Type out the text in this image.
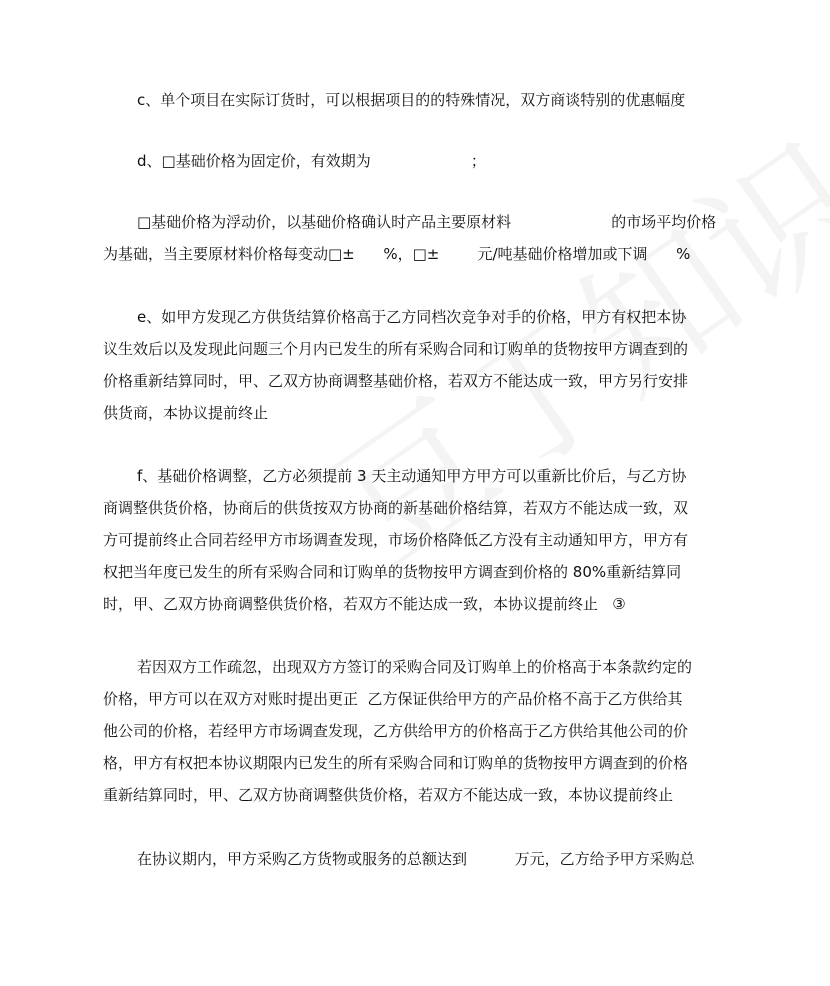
c、单个项目在实际订货时，可以根据项目的的特殊情况，双方商谈特别的优惠幅度
d、□基础价格为固定价，有效期为                     ；
□基础价格为浮动价，以基础价格确认时产品主要原材料                     的市场平均价格
为基础，当主要原材料价格每变动□±      %，□±        元/吨基础价格增加或下调      %
e、如甲方发现乙方供货结算价格高于乙方同档次竞争对手的价格，甲方有权把本协
议生效后以及发现此问题三个月内已发生的所有采购合同和订购单的货物按甲方调查到的
价格重新结算同时，甲、乙双方协商调整基础价格，若双方不能达成一致，甲方另行安排
供货商，本协议提前终止
f、基础价格调整，乙方必须提前 3 天主动通知甲方甲方可以重新比价后，与乙方协
商调整供货价格，协商后的供货按双方协商的新基础价格结算，若双方不能达成一致，双
方可提前终止合同若经甲方市场调查发现，市场价格降低乙方没有主动通知甲方，甲方有
权把当年度已发生的所有采购合同和订购单的货物按甲方调查到价格的 80%重新结算同
时，甲、乙双方协商调整供货价格，若双方不能达成一致，本协议提前终止   ③
若因双方工作疏忽，出现双方方签订的采购合同及订购单上的价格高于本条款约定的
价格，甲方可以在双方对账时提出更正  乙方保证供给甲方的产品价格不高于乙方供给其
他公司的价格，若经甲方市场调查发现，乙方供给甲方的价格高于乙方供给其他公司的价
格，甲方有权把本协议期限内已发生的所有采购合同和订购单的货物按甲方调查到的价格
重新结算同时，甲、乙双方协商调整供货价格，若双方不能达成一致，本协议提前终止
在协议期内，甲方采购乙方货物或服务的总额达到          万元，乙方给予甲方采购总
